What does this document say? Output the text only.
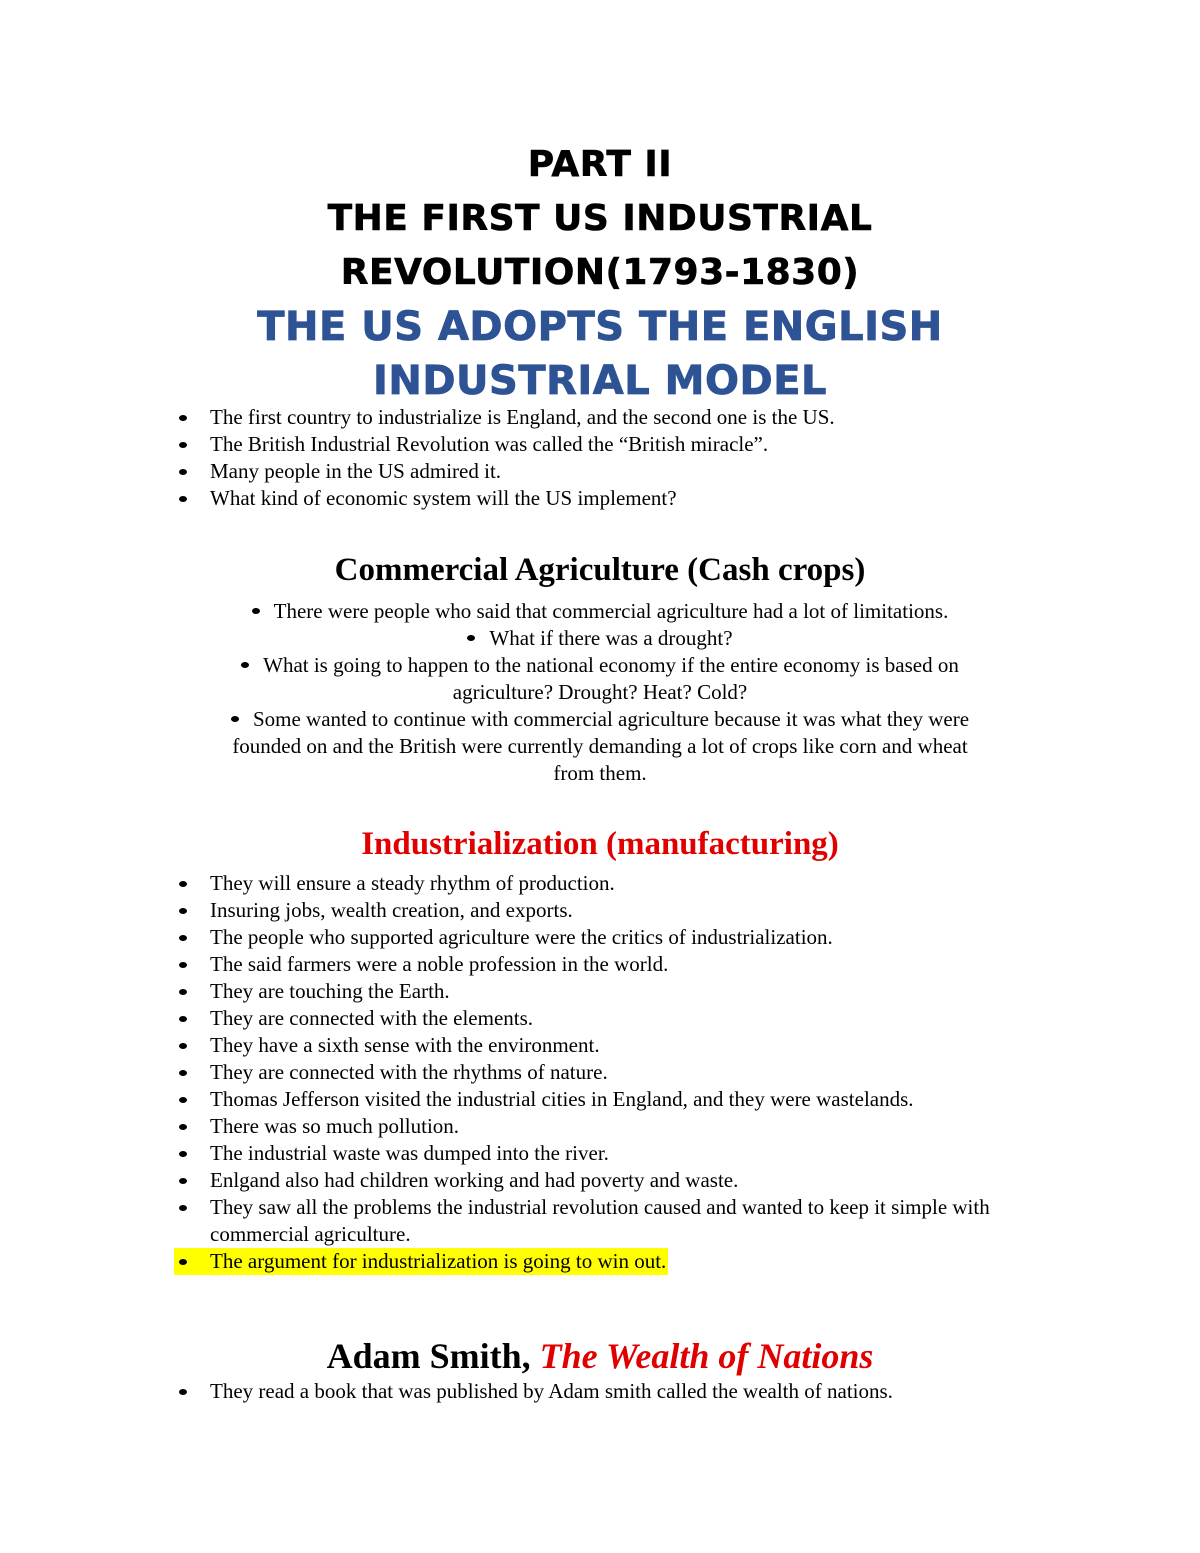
PART II
THE FIRST US INDUSTRIAL
REVOLUTION(1793-1830)
THE US ADOPTS THE ENGLISH
INDUSTRIAL MODEL
The first country to industrialize is England, and the second one is the US.
The British Industrial Revolution was called the “British miracle”.
Many people in the US admired it.
What kind of economic system will the US implement?
Commercial Agriculture (Cash crops)
There were people who said that commercial agriculture had a lot of limitations.
What if there was a drought?
What is going to happen to the national economy if the entire economy is based on
agriculture? Drought? Heat? Cold?
Some wanted to continue with commercial agriculture because it was what they were
founded on and the British were currently demanding a lot of crops like corn and wheat
from them.
Industrialization (manufacturing)
They will ensure a steady rhythm of production.
Insuring jobs, wealth creation, and exports.
The people who supported agriculture were the critics of industrialization.
The said farmers were a noble profession in the world.
They are touching the Earth.
They are connected with the elements.
They have a sixth sense with the environment.
They are connected with the rhythms of nature.
Thomas Jefferson visited the industrial cities in England, and they were wastelands.
There was so much pollution.
The industrial waste was dumped into the river.
Enlgand also had children working and had poverty and waste.
They saw all the problems the industrial revolution caused and wanted to keep it simple with commercial agriculture.
The argument for industrialization is going to win out.
Adam Smith, The Wealth of Nations
They read a book that was published by Adam smith called the wealth of nations.
